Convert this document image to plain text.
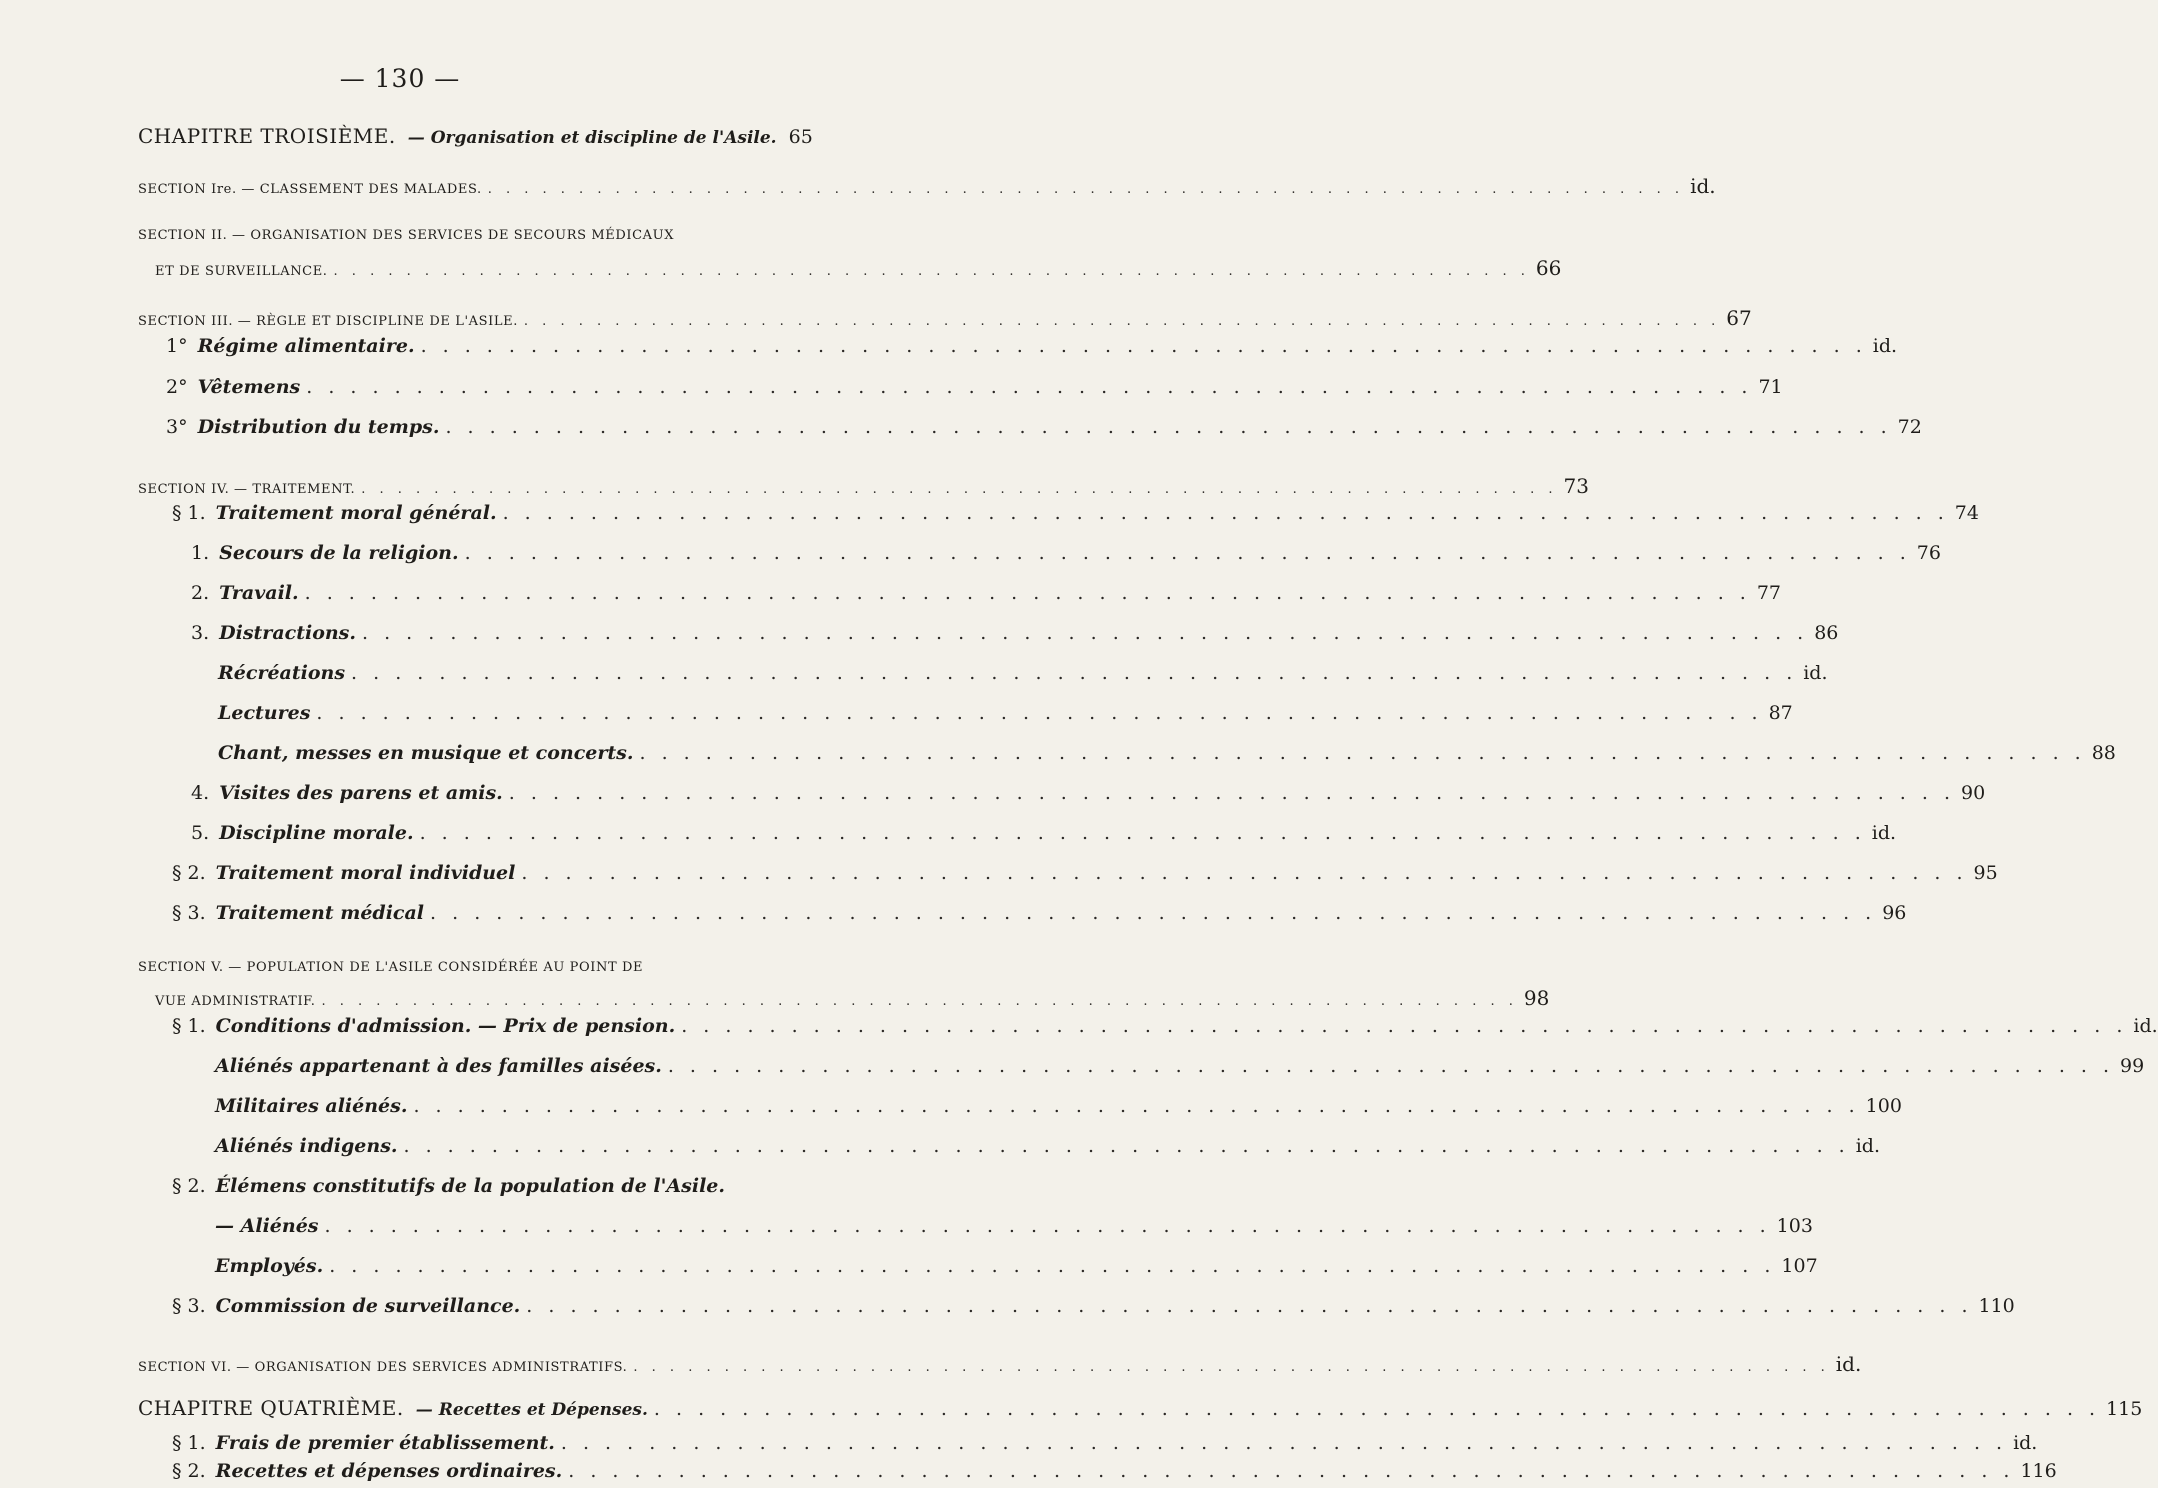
— 130 —
CHAPITRE TROISIÈME. — Organisation et discipline de l'Asile. 65
SECTION Ire. — CLASSEMENT DES MALADES. . . .	id.
SECTION II. — ORGANISATION DES SERVICES DE SECOURS MÉDICAUX
ET DE SURVEILLANCE. . . .	66
SECTION III. — RÈGLE ET DISCIPLINE DE L'ASILE. . . .	67
1° Régime alimentaire. . . .	id.
2° Vêtemens . . .	71
3° Distribution du temps. . . .	72
SECTION IV. — TRAITEMENT. . . .	73
§ 1. Traitement moral général. . . .	74
1. Secours de la religion. . . .	76
2. Travail. . . .	77
3. Distractions. . . .	86
Récréations . . .	id.
Lectures . . .	87
Chant, messes en musique et concerts. . . .	88
4. Visites des parens et amis. . . .	90
5. Discipline morale. . . .	id.
§ 2. Traitement moral individuel . . .	95
§ 3. Traitement médical . . .	96
SECTION V. — POPULATION DE L'ASILE CONSIDÉRÉE AU POINT DE
VUE ADMINISTRATIF. . . .	98
§ 1. Conditions d'admission. — Prix de pension. . . .	id.
Aliénés appartenant à des familles aisées. . . .	99
Militaires aliénés. . . .	100
Aliénés indigens. . . .	id.
§ 2. Élémens constitutifs de la population de l'Asile.
— Aliénés . . .	103
Employés. . . .	107
§ 3. Commission de surveillance. . . .	110
SECTION VI. — ORGANISATION DES SERVICES ADMINISTRATIFS. . . .	id.
CHAPITRE QUATRIÈME. — Recettes et Dépenses. . . .	115
§ 1. Frais de premier établissement. . . .	id.
§ 2. Recettes et dépenses ordinaires. . . .	116
